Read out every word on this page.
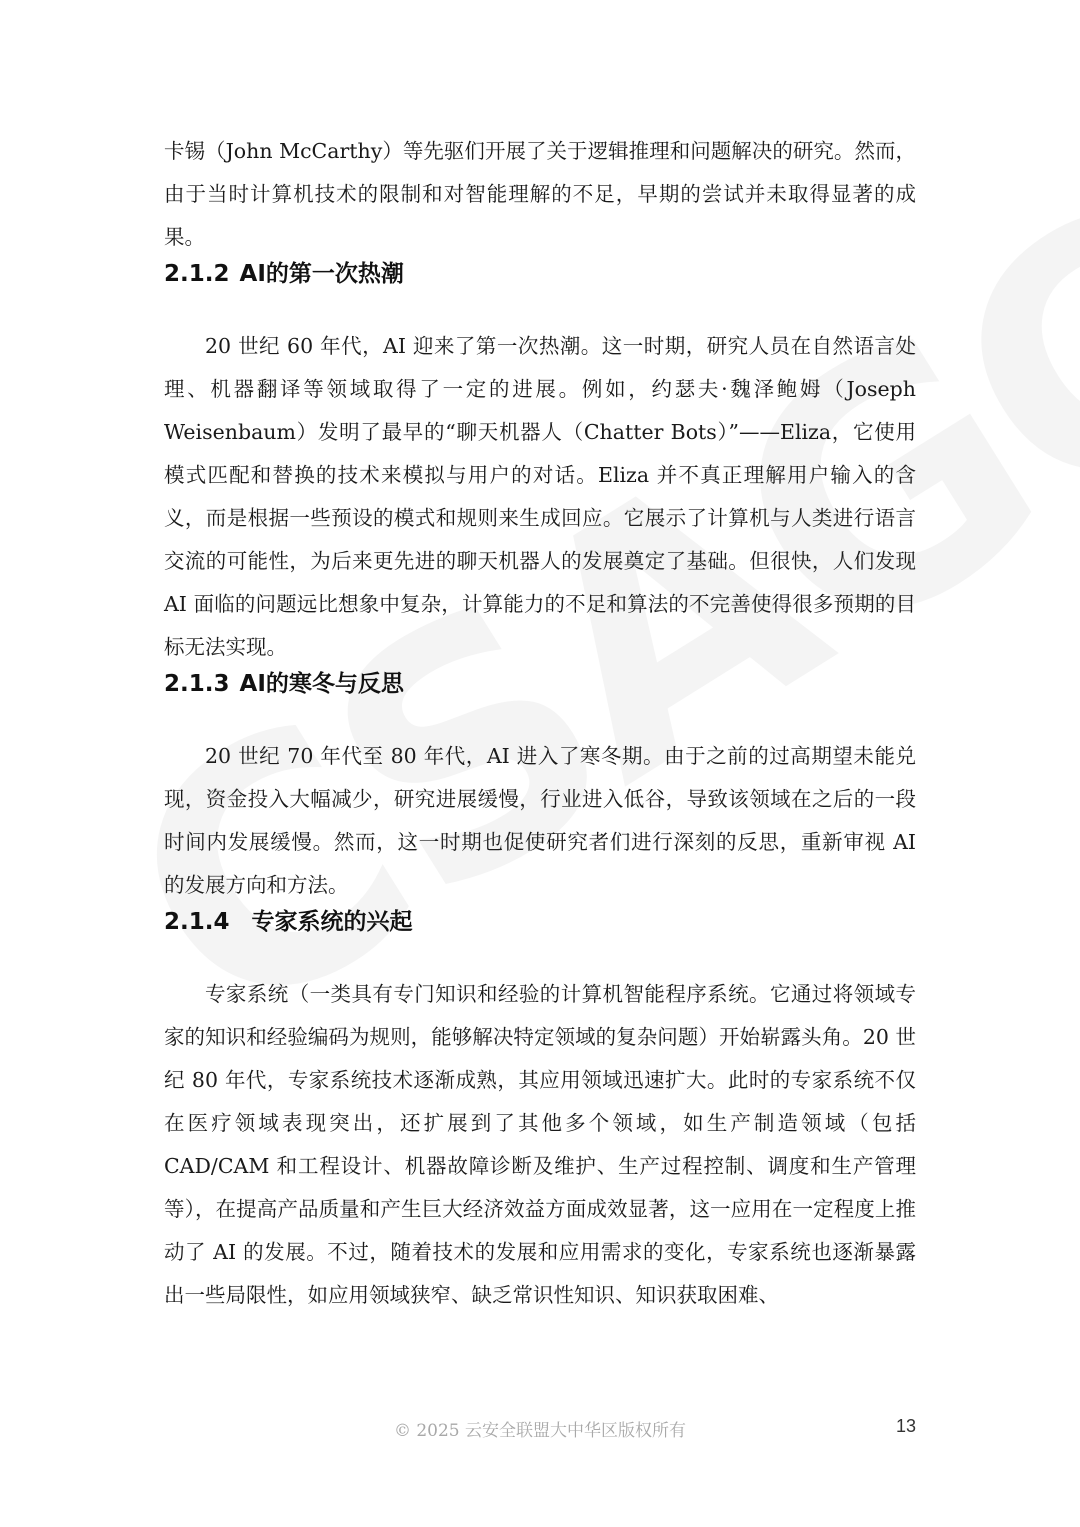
卡锡（John McCarthy）等先驱们开展了关于逻辑推理和问题解决的研究。然而，由于当时计算机技术的限制和对智能理解的不足，早期的尝试并未取得显著的成果。

2.1.2 AI的第一次热潮

20 世纪 60 年代，AI 迎来了第一次热潮。这一时期，研究人员在自然语言处理、机器翻译等领域取得了一定的进展。例如，约瑟夫·魏泽鲍姆（Joseph Weisenbaum）发明了最早的“聊天机器人（Chatter Bots）”——Eliza，它使用模式匹配和替换的技术来模拟与用户的对话。Eliza 并不真正理解用户输入的含义，而是根据一些预设的模式和规则来生成回应。它展示了计算机与人类进行语言交流的可能性，为后来更先进的聊天机器人的发展奠定了基础。但很快，人们发现 AI 面临的问题远比想象中复杂，计算能力的不足和算法的不完善使得很多预期的目标无法实现。

2.1.3 AI的寒冬与反思

20 世纪 70 年代至 80 年代，AI 进入了寒冬期。由于之前的过高期望未能兑现，资金投入大幅减少，研究进展缓慢，行业进入低谷，导致该领域在之后的一段时间内发展缓慢。然而，这一时期也促使研究者们进行深刻的反思，重新审视 AI 的发展方向和方法。

2.1.4 专家系统的兴起

专家系统（一类具有专门知识和经验的计算机智能程序系统。它通过将领域专家的知识和经验编码为规则，能够解决特定领域的复杂问题）开始崭露头角。20 世纪 80 年代，专家系统技术逐渐成熟，其应用领域迅速扩大。此时的专家系统不仅在医疗领域表现突出，还扩展到了其他多个领域，如生产制造领域（包括 CAD/CAM 和工程设计、机器故障诊断及维护、生产过程控制、调度和生产管理等），在提高产品质量和产生巨大经济效益方面成效显著，这一应用在一定程度上推动了 AI 的发展。不过，随着技术的发展和应用需求的变化，专家系统也逐渐暴露出一些局限性，如应用领域狭窄、缺乏常识性知识、知识获取困难、

© 2025 云安全联盟大中华区版权所有	13
